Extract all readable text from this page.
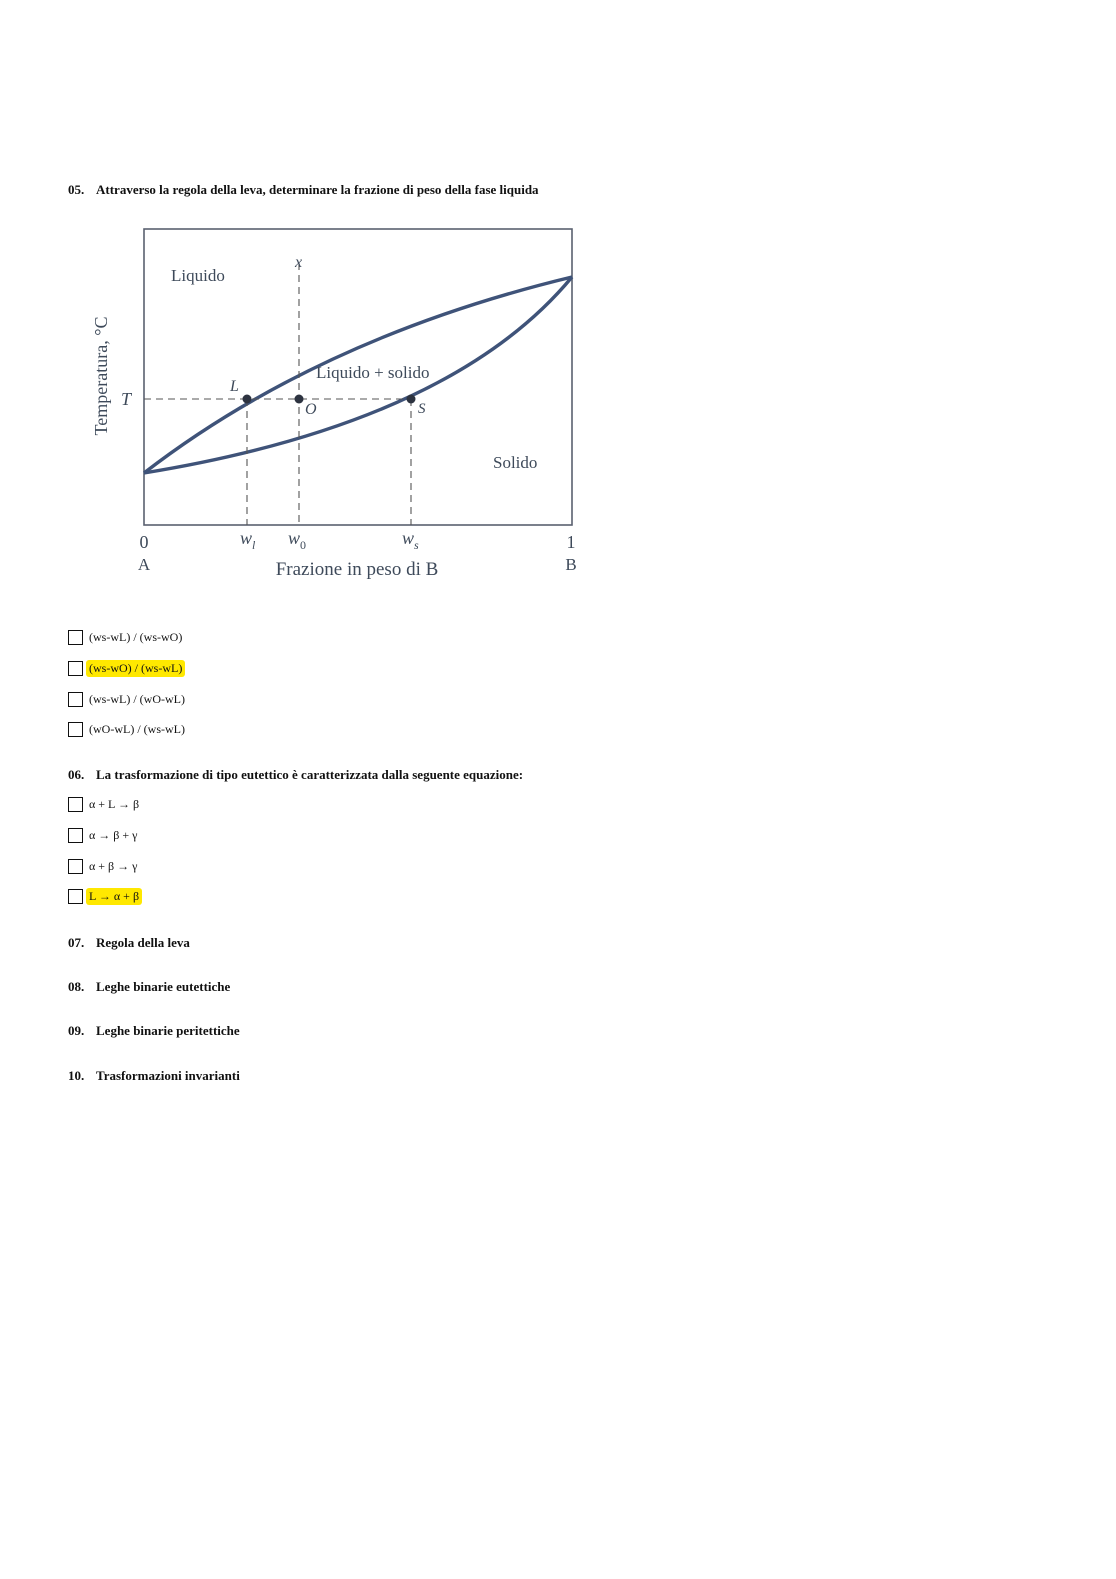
05. Attraverso la regola della leva, determinare la frazione di peso della fase liquida
Liquido
Liquido + solido
Solido
Temperatura, °C T
x
L
O	S
0	1
$w_l$ $w_0$	$w_s$
A	B
Frazione in peso di B
(ws-wL) / (ws-wO)
(ws-wO) / (ws-wL)
(ws-wL) / (wO-wL)
(wO-wL) / (ws-wL)
06. La trasformazione di tipo eutettico è caratterizzata dalla seguente equazione:
α + L → β
α → β + γ
α + β → γ
L → α + β
07. Regola della leva
08. Leghe binarie eutettiche
09. Leghe binarie peritettiche
10. Trasformazioni invarianti
